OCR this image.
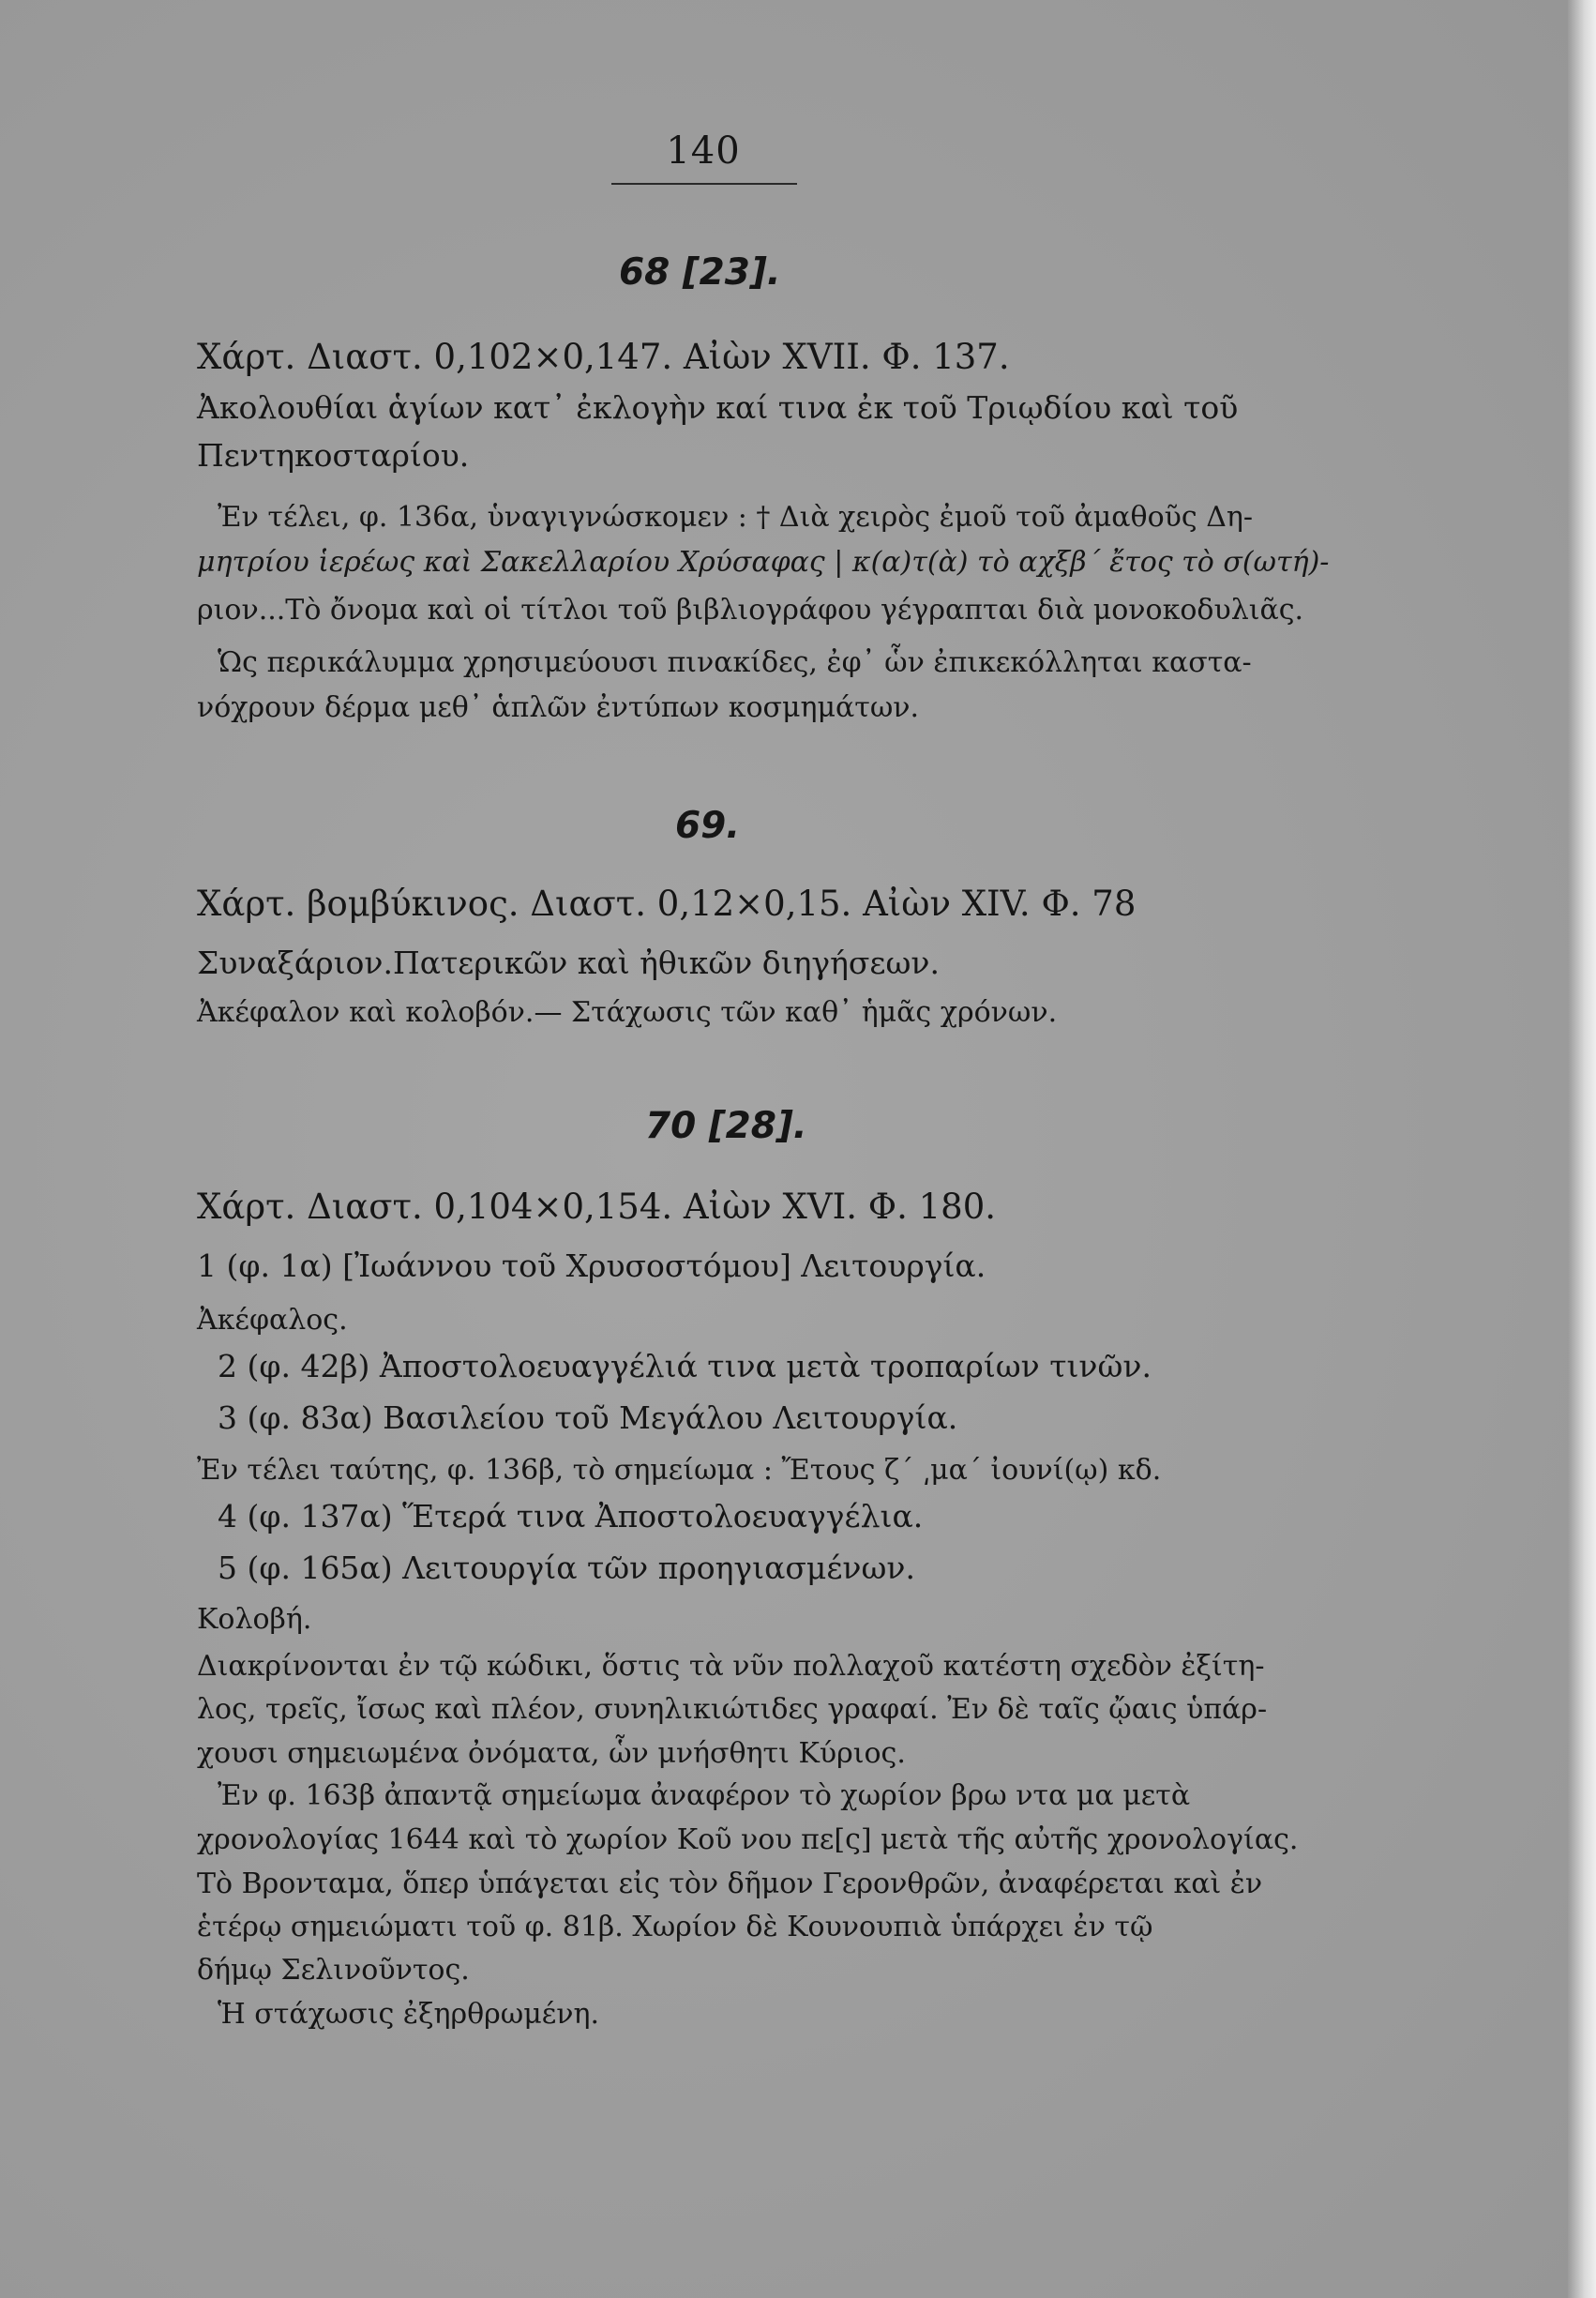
140
68 [23].
Χάρτ. Διαστ. 0,102×0,147. Αἰὼν XVII. Φ. 137.
Ἀκολουθίαι ἁγίων κατ᾽ ἐκλογὴν καί τινα ἐκ τοῦ Τριῳδίου καὶ τοῦ
Πεντηκοσταρίου.
Ἐν τέλει, φ. 136α, ὑναγιγνώσκομεν : † Διὰ χειρὸς ἐμοῦ τοῦ ἀμαθοῦς Δη-
μητρίου ἱερέως καὶ Σακελλαρίου Χρύσαφας | κ(α)τ(ὰ) τὸ αχξβ΄ ἔτος τὸ σ(ωτή)-
ριον...Τὸ ὄνομα καὶ οἱ τίτλοι τοῦ βιβλιογράφου γέγραπται διὰ μονοκοδυλιᾶς.
Ὡς περικάλυμμα χρησιμεύουσι πινακίδες, ἐφ᾽ ὧν ἐπικεκόλληται καστα-
νόχρουν δέρμα μεθ᾽ ἁπλῶν ἐντύπων κοσμημάτων.
69.
Χάρτ. βομβύκινος. Διαστ. 0,12×0,15. Αἰὼν XIV. Φ. 78
Συναξάριον.Πατερικῶν καὶ ἠθικῶν διηγήσεων.
Ἀκέφαλον καὶ κολοβόν.— Στάχωσις τῶν καθ᾽ ἡμᾶς χρόνων.
70 [28].
Χάρτ. Διαστ. 0,104×0,154. Αἰὼν XVI. Φ. 180.
1 (φ. 1α) [Ἰωάννου τοῦ Χρυσοστόμου] Λειτουργία.
Ἀκέφαλος.
2 (φ. 42β) Ἀποστολοευαγγέλιά τινα μετὰ τροπαρίων τινῶν.
3 (φ. 83α) Βασιλείου τοῦ Μεγάλου Λειτουργία.
Ἐν τέλει ταύτης, φ. 136β, τὸ σημείωμα : Ἔτους ζ΄ ͵μα΄ ἰουνί(ῳ) κδ.
4 (φ. 137α) Ἕτερά τινα Ἀποστολοευαγγέλια.
5 (φ. 165α) Λειτουργία τῶν προηγιασμένων.
Κολοβή.
Διακρίνονται ἐν τῷ κώδικι, ὅστις τὰ νῦν πολλαχοῦ κατέστη σχεδὸν ἐξίτη-
λος, τρεῖς, ἴσως καὶ πλέον, συνηλικιώτιδες γραφαί. Ἐν δὲ ταῖς ᾤαις ὑπάρ-
χουσι σημειωμένα ὀνόματα, ὧν μνήσθητι Κύριος.
Ἐν φ. 163β ἀπαντᾷ σημείωμα ἀναφέρον τὸ χωρίον βρω ντα μα μετὰ
χρονολογίας 1644 καὶ τὸ χωρίον Κοῦ νου πε[ς] μετὰ τῆς αὐτῆς χρονολογίας.
Τὸ Βρονταμα, ὅπερ ὑπάγεται εἰς τὸν δῆμον Γερονθρῶν, ἀναφέρεται καὶ ἐν
ἑτέρῳ σημειώματι τοῦ φ. 81β. Χωρίον δὲ Κουνουπιὰ ὑπάρχει ἐν τῷ
δήμῳ Σελινοῦντος.
Ἡ στάχωσις ἐξηρθρωμένη.
